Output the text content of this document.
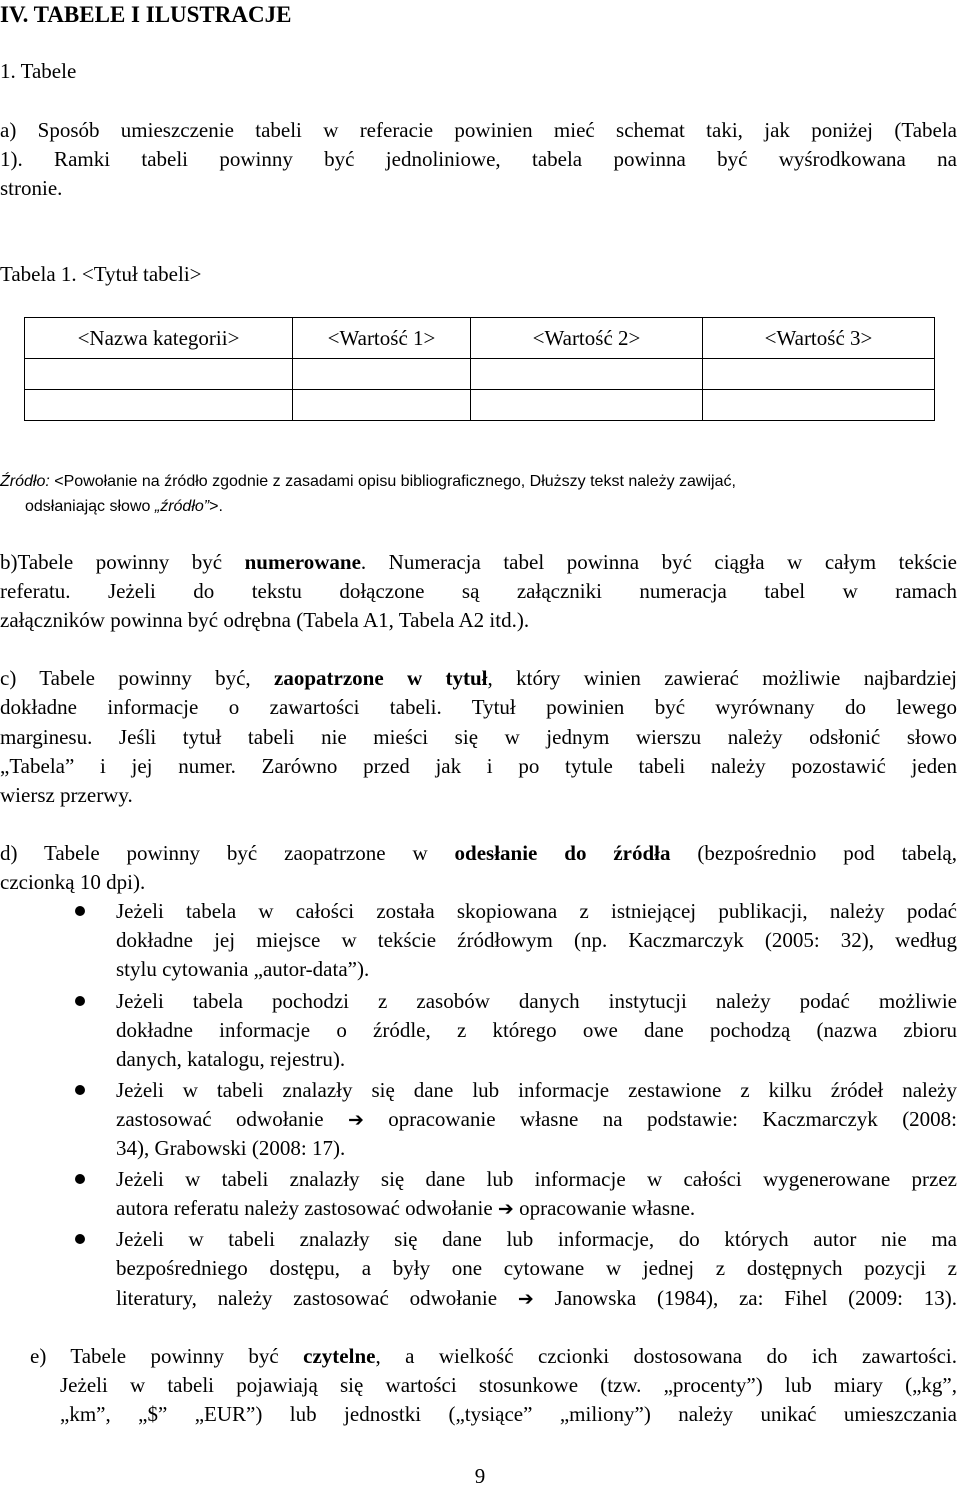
IV. TABELE I ILUSTRACJE
1. Tabele
a) Sposób umieszczenie tabeli w referacie powinien mieć schemat taki, jak poniżej (Tabela
1). Ramki tabeli powinny być jednoliniowe, tabela powinna być wyśrodkowana na
stronie.
Tabela 1. <Tytuł tabeli>
<Nazwa kategorii>	<Wartość 1>	<Wartość 2>	<Wartość 3>

Źródło: <Powołanie na źródło zgodnie z zasadami opisu bibliograficznego, Dłuższy tekst należy zawijać,
odsłaniając słowo „źródło”>.
b)Tabele powinny być numerowane. Numeracja tabel powinna być ciągła w całym tekście
referatu. Jeżeli do tekstu dołączone są załączniki numeracja tabel w ramach
załączników powinna być odrębna (Tabela A1, Tabela A2 itd.).
c) Tabele powinny być, zaopatrzone w tytuł, który winien zawierać możliwie najbardziej
dokładne informacje o zawartości tabeli. Tytuł powinien być wyrównany do lewego
marginesu. Jeśli tytuł tabeli nie mieści się w jednym wierszu należy odsłonić słowo
„Tabela” i jej numer. Zarówno przed jak i po tytule tabeli należy pozostawić jeden
wiersz przerwy.
d) Tabele powinny być zaopatrzone w odesłanie do źródła (bezpośrednio pod tabelą,
czcionką 10 dpi).
Jeżeli tabela w całości została skopiowana z istniejącej publikacji, należy podać
dokładne jej miejsce w tekście źródłowym (np. Kaczmarczyk (2005: 32), według
stylu cytowania „autor-data”).
Jeżeli tabela pochodzi z zasobów danych instytucji należy podać możliwie
dokładne informacje o źródle, z którego owe dane pochodzą (nazwa zbioru
danych, katalogu, rejestru).
Jeżeli w tabeli znalazły się dane lub informacje zestawione z kilku źródeł należy
zastosować odwołanie ➔ opracowanie własne na podstawie: Kaczmarczyk (2008:
34), Grabowski (2008: 17).
Jeżeli w tabeli znalazły się dane lub informacje w całości wygenerowane przez
autora referatu należy zastosować odwołanie ➔ opracowanie własne.
Jeżeli w tabeli znalazły się dane lub informacje, do których autor nie ma
bezpośredniego dostępu, a były one cytowane w jednej z dostępnych pozycji z
literatury, należy zastosować odwołanie ➔ Janowska (1984), za: Fihel (2009: 13).
e) Tabele powinny być czytelne, a wielkość czcionki dostosowana do ich zawartości.
Jeżeli w tabeli pojawiają się wartości stosunkowe (tzw. „procenty”) lub miary („kg”,
„km”, „$” „EUR”) lub jednostki („tysiące” „miliony”) należy unikać umieszczania
9
